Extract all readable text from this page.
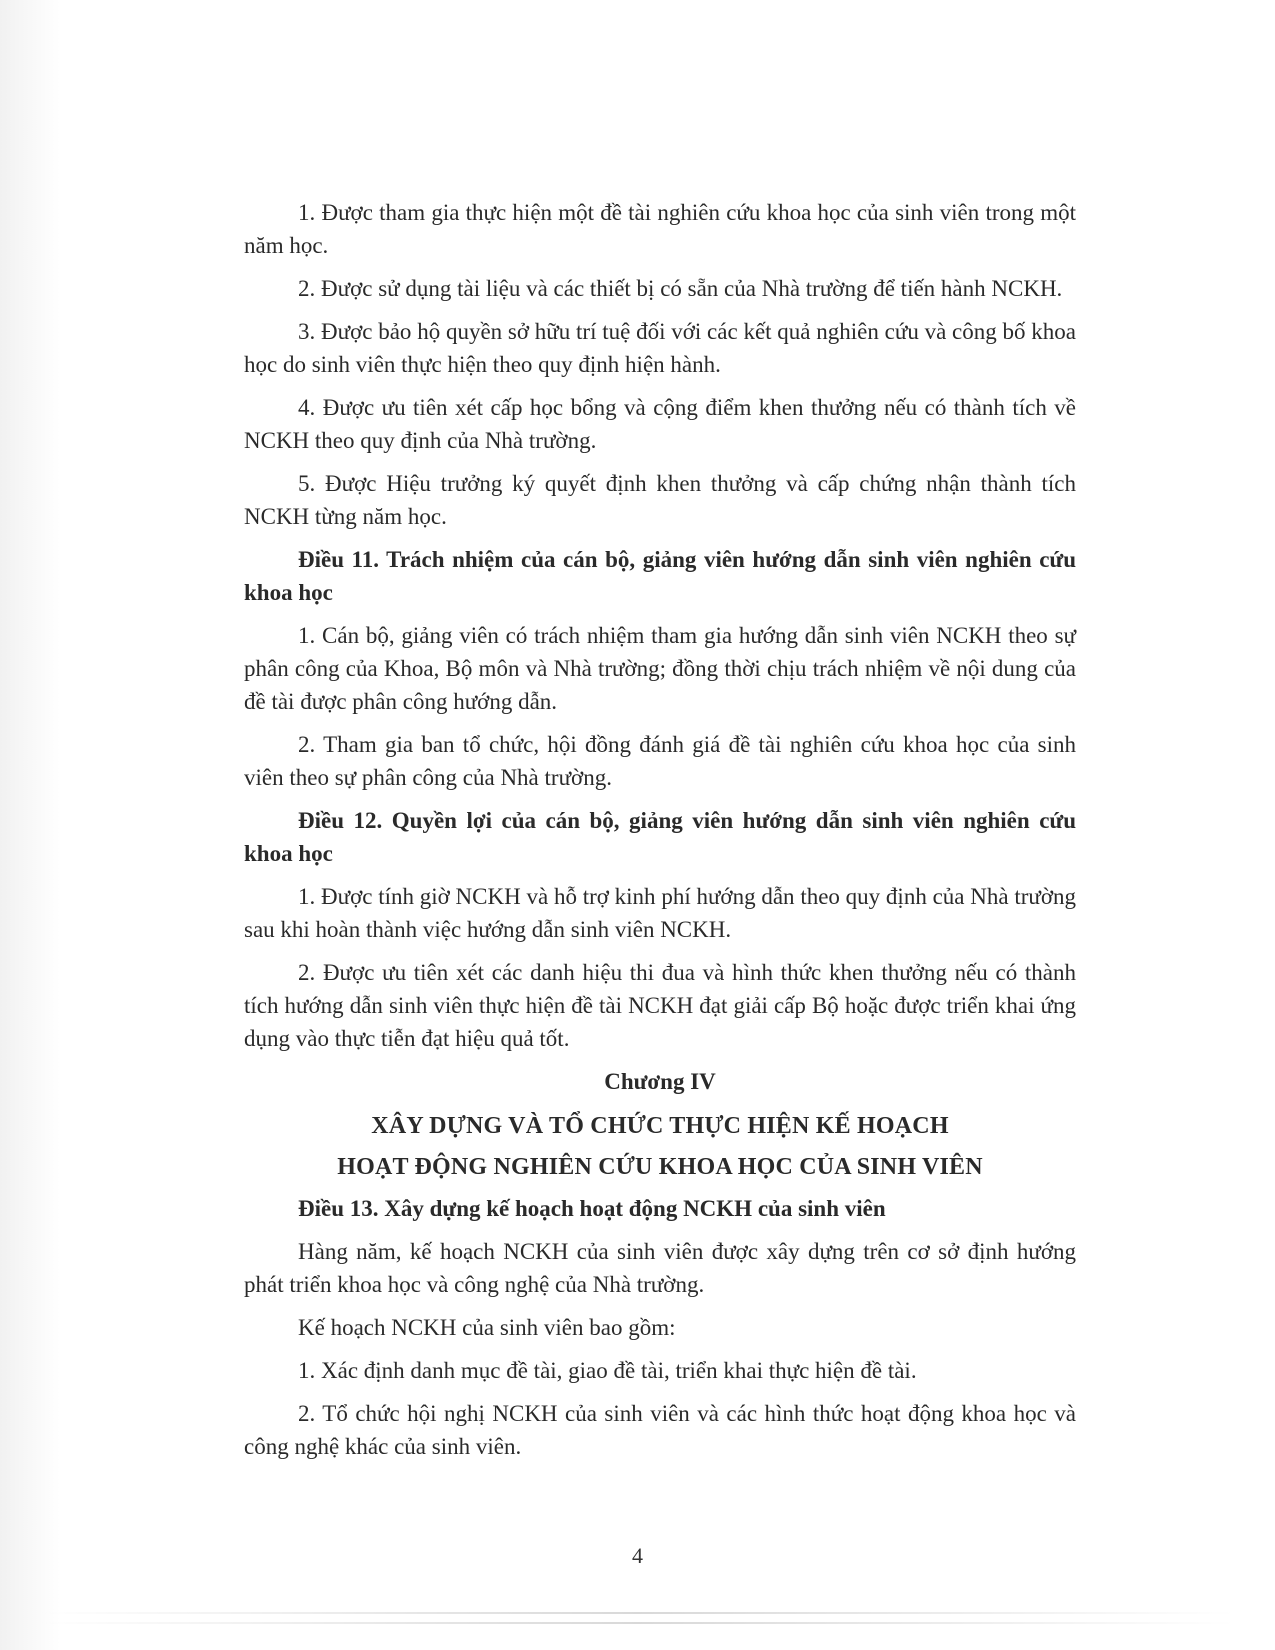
1. Được tham gia thực hiện một đề tài nghiên cứu khoa học của sinh viên trong một năm học.

2. Được sử dụng tài liệu và các thiết bị có sẵn của Nhà trường để tiến hành NCKH.

3. Được bảo hộ quyền sở hữu trí tuệ đối với các kết quả nghiên cứu và công bố khoa học do sinh viên thực hiện theo quy định hiện hành.

4. Được ưu tiên xét cấp học bổng và cộng điểm khen thưởng nếu có thành tích về NCKH theo quy định của Nhà trường.

5. Được Hiệu trưởng ký quyết định khen thưởng và cấp chứng nhận thành tích NCKH từng năm học.

Điều 11. Trách nhiệm của cán bộ, giảng viên hướng dẫn sinh viên nghiên cứu khoa học

1. Cán bộ, giảng viên có trách nhiệm tham gia hướng dẫn sinh viên NCKH theo sự phân công của Khoa, Bộ môn và Nhà trường; đồng thời chịu trách nhiệm về nội dung của đề tài được phân công hướng dẫn.

2. Tham gia ban tổ chức, hội đồng đánh giá đề tài nghiên cứu khoa học của sinh viên theo sự phân công của Nhà trường.

Điều 12. Quyền lợi của cán bộ, giảng viên hướng dẫn sinh viên nghiên cứu khoa học

1. Được tính giờ NCKH và hỗ trợ kinh phí hướng dẫn theo quy định của Nhà trường sau khi hoàn thành việc hướng dẫn sinh viên NCKH.

2. Được ưu tiên xét các danh hiệu thi đua và hình thức khen thưởng nếu có thành tích hướng dẫn sinh viên thực hiện đề tài NCKH đạt giải cấp Bộ hoặc được triển khai ứng dụng vào thực tiễn đạt hiệu quả tốt.

Chương IV

XÂY DỰNG VÀ TỔ CHỨC THỰC HIỆN KẾ HOẠCH

HOẠT ĐỘNG NGHIÊN CỨU KHOA HỌC CỦA SINH VIÊN

Điều 13. Xây dựng kế hoạch hoạt động NCKH của sinh viên

Hàng năm, kế hoạch NCKH của sinh viên được xây dựng trên cơ sở định hướng phát triển khoa học và công nghệ của Nhà trường.

Kế hoạch NCKH của sinh viên bao gồm:

1. Xác định danh mục đề tài, giao đề tài, triển khai thực hiện đề tài.

2. Tổ chức hội nghị NCKH của sinh viên và các hình thức hoạt động khoa học và công nghệ khác của sinh viên.

4
